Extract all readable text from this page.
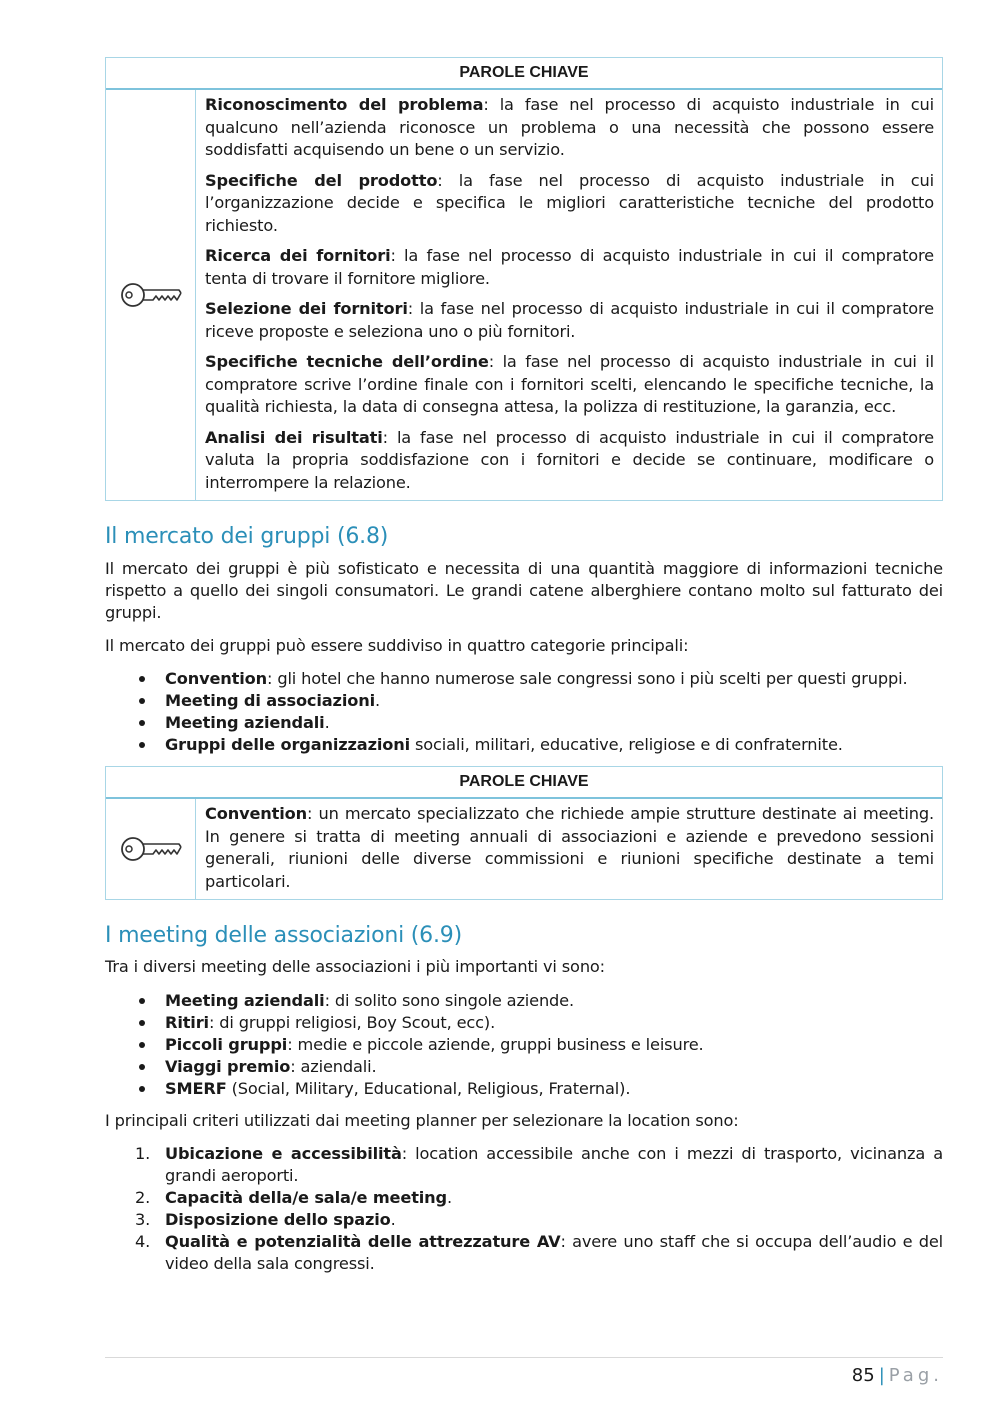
PAROLE CHIAVE

Riconoscimento del problema: la fase nel processo di acquisto industriale in cui qualcuno nell’azienda riconosce un problema o una necessità che possono essere soddisfatti acquisendo un bene o un servizio.

Specifiche del prodotto: la fase nel processo di acquisto industriale in cui l’organizzazione decide e specifica le migliori caratteristiche tecniche del prodotto richiesto.

Ricerca dei fornitori: la fase nel processo di acquisto industriale in cui il compratore tenta di trovare il fornitore migliore.

Selezione dei fornitori: la fase nel processo di acquisto industriale in cui il compratore riceve proposte e seleziona uno o più fornitori.

Specifiche tecniche dell’ordine: la fase nel processo di acquisto industriale in cui il compratore scrive l’ordine finale con i fornitori scelti, elencando le specifiche tecniche, la qualità richiesta, la data di consegna attesa, la polizza di restituzione, la garanzia, ecc.

Analisi dei risultati: la fase nel processo di acquisto industriale in cui il compratore valuta la propria soddisfazione con i fornitori e decide se continuare, modificare o interrompere la relazione.

Il mercato dei gruppi (6.8)

Il mercato dei gruppi è più sofisticato e necessita di una quantità maggiore di informazioni tecniche rispetto a quello dei singoli consumatori. Le grandi catene alberghiere contano molto sul fatturato dei gruppi.

Il mercato dei gruppi può essere suddiviso in quattro categorie principali:

Convention: gli hotel che hanno numerose sale congressi sono i più scelti per questi gruppi.
Meeting di associazioni.
Meeting aziendali.
Gruppi delle organizzazioni sociali, militari, educative, religiose e di confraternite.
PAROLE CHIAVE

Convention: un mercato specializzato che richiede ampie strutture destinate ai meeting. In genere si tratta di meeting annuali di associazioni e aziende e prevedono sessioni generali, riunioni delle diverse commissioni e riunioni specifiche destinate a temi particolari.

I meeting delle associazioni (6.9)

Tra i diversi meeting delle associazioni i più importanti vi sono:

Meeting aziendali: di solito sono singole aziende.
Ritiri: di gruppi religiosi, Boy Scout, ecc).
Piccoli gruppi: medie e piccole aziende, gruppi business e leisure.
Viaggi premio: aziendali.
SMERF (Social, Military, Educational, Religious, Fraternal).

I principali criteri utilizzati dai meeting planner per selezionare la location sono:

1. Ubicazione e accessibilità: location accessibile anche con i mezzi di trasporto, vicinanza a grandi aeroporti.
2. Capacità della/e sala/e meeting.
3. Disposizione dello spazio.
4. Qualità e potenzialità delle attrezzature AV: avere uno staff che si occupa dell’audio e del video della sala congressi.
85 | Pag.
